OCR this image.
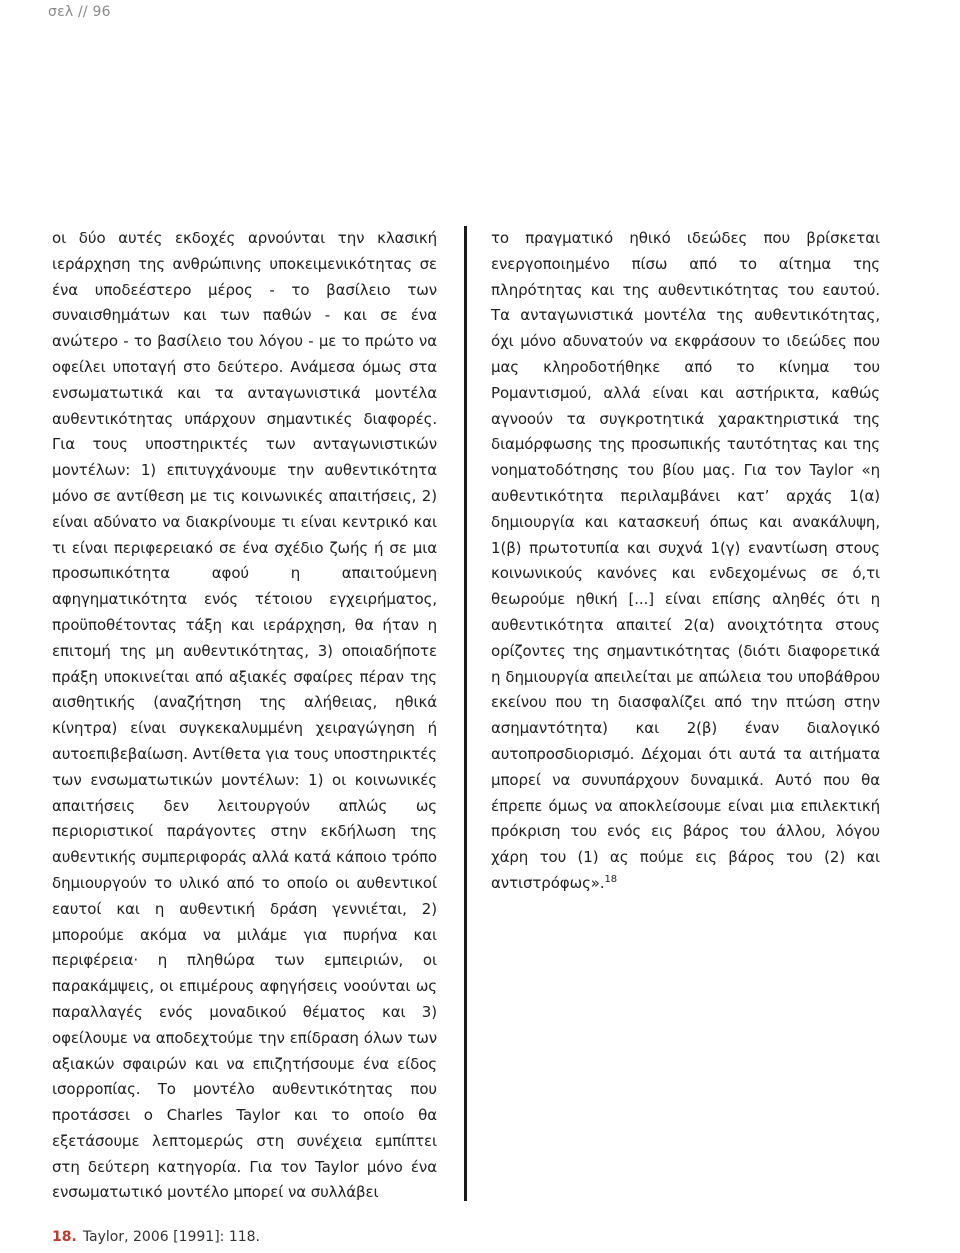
σελ // 96

οι δύο αυτές εκδοχές αρνούνται την κλασική ιεράρχηση της ανθρώπινης υποκειμενικότητας σε ένα υποδεέστερο μέρος - το βασίλειο των συναισθημάτων και των παθών - και σε ένα ανώτερο - το βασίλειο του λόγου - με το πρώτο να οφείλει υποταγή στο δεύτερο. Ανάμεσα όμως στα ενσωματωτικά και τα ανταγωνιστικά μοντέλα αυθεντικότητας υπάρχουν σημαντικές διαφορές. Για τους υποστηρικτές των ανταγωνιστικών μοντέλων: 1) επιτυγχάνουμε την αυθεντικότητα μόνο σε αντίθεση με τις κοινωνικές απαιτήσεις, 2) είναι αδύνατο να διακρίνουμε τι είναι κεντρικό και τι είναι περιφερειακό σε ένα σχέδιο ζωής ή σε μια προσωπικότητα αφού η απαιτούμενη αφηγηματικότητα ενός τέτοιου εγχειρήματος, προϋποθέτοντας τάξη και ιεράρχηση, θα ήταν η επιτομή της μη αυθεντικότητας, 3) οποιαδήποτε πράξη υποκινείται από αξιακές σφαίρες πέραν της αισθητικής (αναζήτηση της αλήθειας, ηθικά κίνητρα) είναι συγκεκαλυμμένη χειραγώγηση ή αυτοεπιβεβαίωση. Αντίθετα για τους υποστηρικτές των ενσωματωτικών μοντέλων: 1) οι κοινωνικές απαιτήσεις δεν λειτουργούν απλώς ως περιοριστικοί παράγοντες στην εκδήλωση της αυθεντικής συμπεριφοράς αλλά κατά κάποιο τρόπο δημιουργούν το υλικό από το οποίο οι αυθεντικοί εαυτοί και η αυθεντική δράση γεννιέται, 2) μπορούμε ακόμα να μιλάμε για πυρήνα και περιφέρεια· η πληθώρα των εμπειριών, οι παρακάμψεις, οι επιμέρους αφηγήσεις νοούνται ως παραλλαγές ενός μοναδικού θέματος και 3) οφείλουμε να αποδεχτούμε την επίδραση όλων των αξιακών σφαιρών και να επιζητήσουμε ένα είδος ισορροπίας. Το μοντέλο αυθεντικότητας που προτάσσει ο Charles Taylor και το οποίο θα εξετάσουμε λεπτομερώς στη συνέχεια εμπίπτει στη δεύτερη κατηγορία. Για τον Taylor μόνο ένα ενσωματωτικό μοντέλο μπορεί να συλλάβει

το πραγματικό ηθικό ιδεώδες που βρίσκεται ενεργοποιημένο πίσω από το αίτημα της πληρότητας και της αυθεντικότητας του εαυτού. Τα ανταγωνιστικά μοντέλα της αυθεντικότητας, όχι μόνο αδυνατούν να εκφράσουν το ιδεώδες που μας κληροδοτήθηκε από το κίνημα του Ρομαντισμού, αλλά είναι και αστήρικτα, καθώς αγνοούν τα συγκροτητικά χαρακτηριστικά της διαμόρφωσης της προσωπικής ταυτότητας και της νοηματοδότησης του βίου μας. Για τον Taylor «η αυθεντικότητα περιλαμβάνει κατ’ αρχάς 1(α) δημιουργία και κατασκευή όπως και ανακάλυψη, 1(β) πρωτοτυπία και συχνά 1(γ) εναντίωση στους κοινωνικούς κανόνες και ενδεχομένως σε ό,τι θεωρούμε ηθική [...] είναι επίσης αληθές ότι η αυθεντικότητα απαιτεί 2(α) ανοιχτότητα στους ορίζοντες της σημαντικότητας (διότι διαφορετικά η δημιουργία απειλείται με απώλεια του υποβάθρου εκείνου που τη διασφαλίζει από την πτώση στην ασημαντότητα) και 2(β) έναν διαλογικό αυτοπροσδιορισμό. Δέχομαι ότι αυτά τα αιτήματα μπορεί να συνυπάρχουν δυναμικά. Αυτό που θα έπρεπε όμως να αποκλείσουμε είναι μια επιλεκτική πρόκριση του ενός εις βάρος του άλλου, λόγου χάρη του (1) ας πούμε εις βάρος του (2) και αντιστρόφως».$^{18}$

18. Taylor, 2006 [1991]: 118.
